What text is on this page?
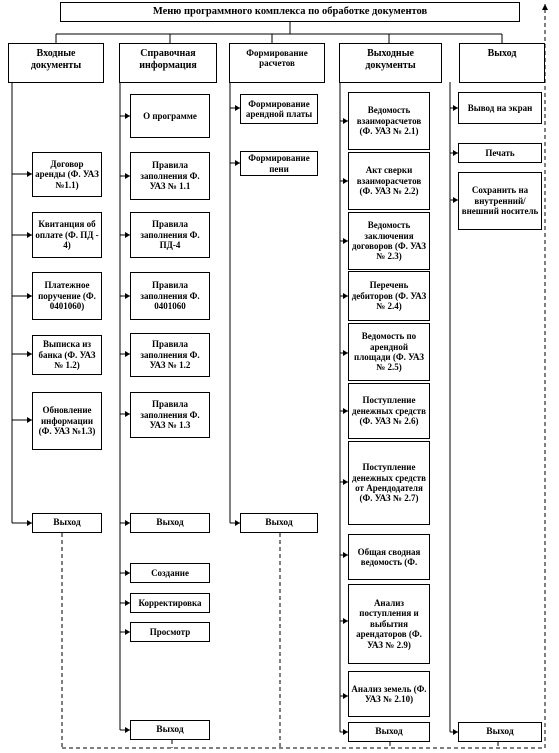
Меню программного комплекса по обработке документов
Входные документы
Справочная информация
Формирование расчетов
Выходные документы
Выход
Договор аренды (Ф. УАЗ №1.1)
Квитанция об оплате (Ф. ПД - 4)
Платежное поручение (Ф. 0401060)
Выписка из банка (Ф. УАЗ № 1.2)
Обновление информации (Ф. УАЗ №1.3)
Выход
О программе
Правила заполнения Ф. УАЗ № 1.1
Правила заполнения Ф. ПД-4
Правила заполнения Ф. 0401060
Правила заполнения Ф. УАЗ № 1.2
Правила заполнения Ф. УАЗ № 1.3
Выход
Создание
Корректировка
Просмотр
Выход
Формирование арендной платы
Формирование пени
Выход
Ведомость взаиморасчетов (Ф. УАЗ № 2.1)
Акт сверки взаиморасчетов (Ф. УАЗ № 2.2)
Ведомость заключения договоров (Ф. УАЗ № 2.3)
Перечень дебиторов (Ф. УАЗ № 2.4)
Ведомость по арендной площади (Ф. УАЗ № 2.5)
Поступление денежных средств (Ф. УАЗ № 2.6)
Поступление денежных средств от Арендодателя (Ф. УАЗ № 2.7)
Общая сводная ведомость (Ф.
Анализ поступления и выбытия арендаторов (Ф. УАЗ № 2.9)
Анализ земель (Ф. УАЗ № 2.10)
Выход
Вывод на экран
Печать
Сохранить на внутренний/внешний носитель
Выход
